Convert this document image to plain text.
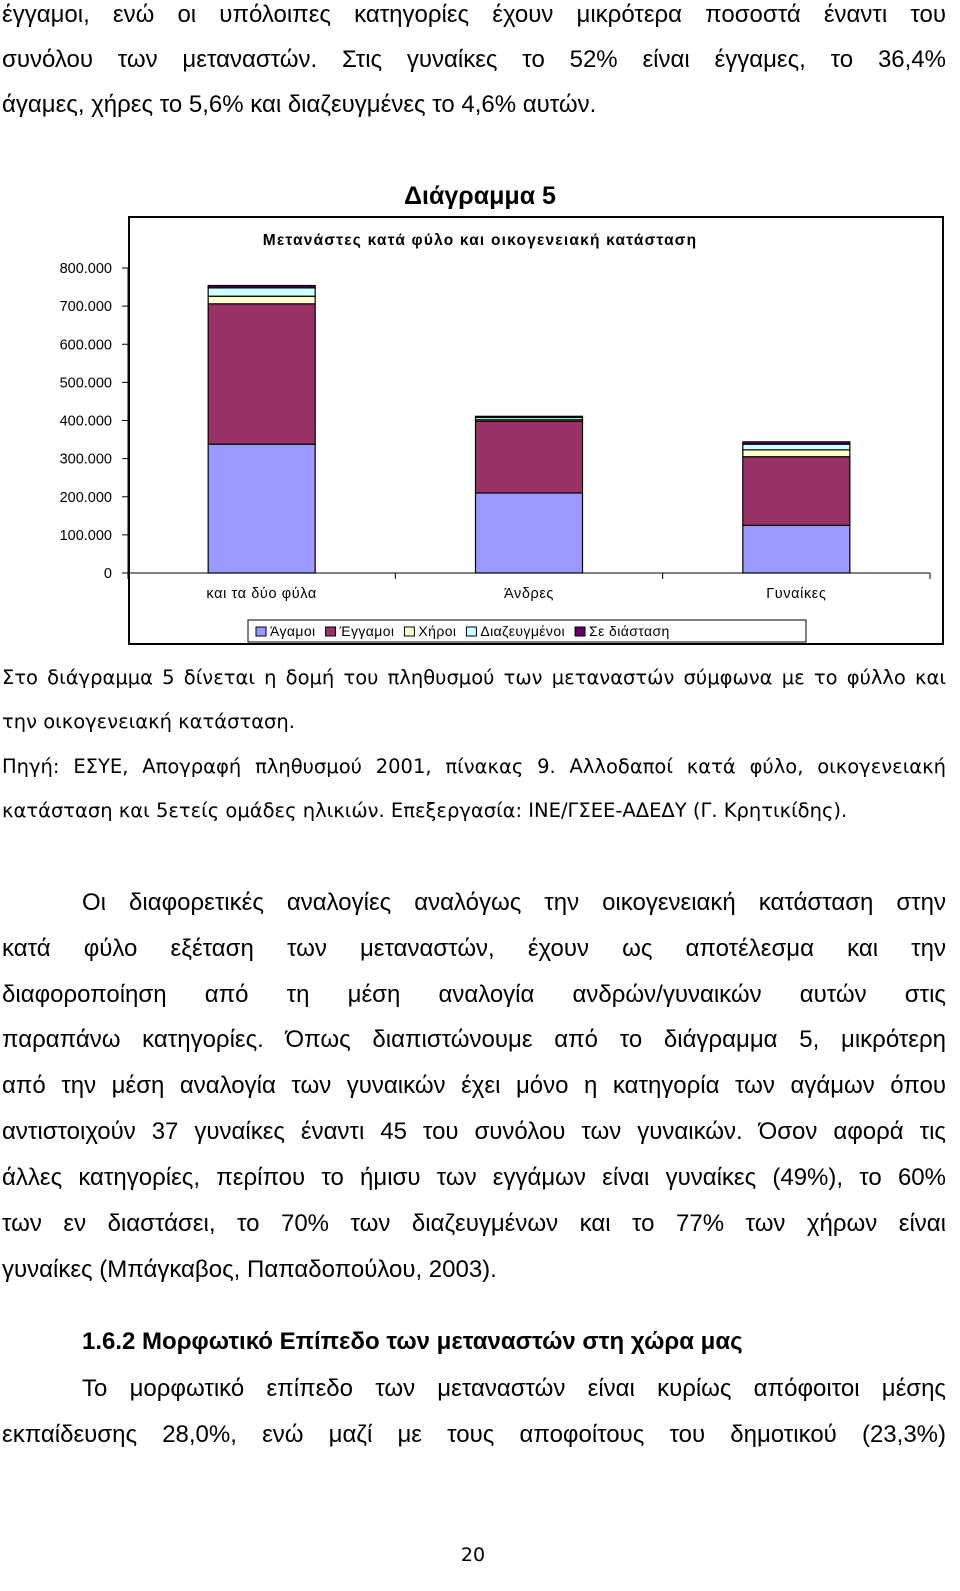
έγγαμοι, ενώ οι υπόλοιπες κατηγορίες έχουν μικρότερα ποσοστά έναντι του
συνόλου των μεταναστών. Στις γυναίκες το 52% είναι έγγαμες, το 36,4%
άγαμες, χήρες το 5,6% και διαζευγμένες το 4,6% αυτών.
Διάγραμμα 5
Μετανάστες κατά φύλο και οικογενειακή κατάσταση
0
100.000
200.000
300.000
400.000
500.000
600.000
700.000
800.000
και τα δύο φύλα	Άνδρες	Γυναίκες
Άγαμοι Έγγαμοι Χήροι Διαζευγμένοι Σε διάσταση
Στο διάγραμμα 5 δίνεται η δομή του πληθυσμού των μεταναστών σύμφωνα με το φύλλο και
την οικογενειακή κατάσταση.
Πηγή: ΕΣΥΕ, Απογραφή πληθυσμού 2001, πίνακας 9. Αλλοδαποί κατά φύλο, οικογενειακή
κατάσταση και 5ετείς ομάδες ηλικιών. Επεξεργασία: ΙΝΕ/ΓΣΕΕ-ΑΔΕΔΥ (Γ. Κρητικίδης).
Οι διαφορετικές αναλογίες αναλόγως την οικογενειακή κατάσταση στην
κατά φύλο εξέταση των μεταναστών, έχουν ως αποτέλεσμα και την
διαφοροποίηση από τη μέση αναλογία ανδρών/γυναικών αυτών στις
παραπάνω κατηγορίες. Όπως διαπιστώνουμε από το διάγραμμα 5, μικρότερη
από την μέση αναλογία των γυναικών έχει μόνο η κατηγορία των αγάμων όπου
αντιστοιχούν 37 γυναίκες έναντι 45 του συνόλου των γυναικών. Όσον αφορά τις
άλλες κατηγορίες, περίπου το ήμισυ των εγγάμων είναι γυναίκες (49%), το 60%
των εν διαστάσει, το 70% των διαζευγμένων και το 77% των χήρων είναι
γυναίκες (Μπάγκαβος, Παπαδοπούλου, 2003).
1.6.2 Μορφωτικό Επίπεδο των μεταναστών στη χώρα μας
Το μορφωτικό επίπεδο των μεταναστών είναι κυρίως απόφοιτοι μέσης
εκπαίδευσης 28,0%, ενώ μαζί με τους αποφοίτους του δημοτικού (23,3%)
20
